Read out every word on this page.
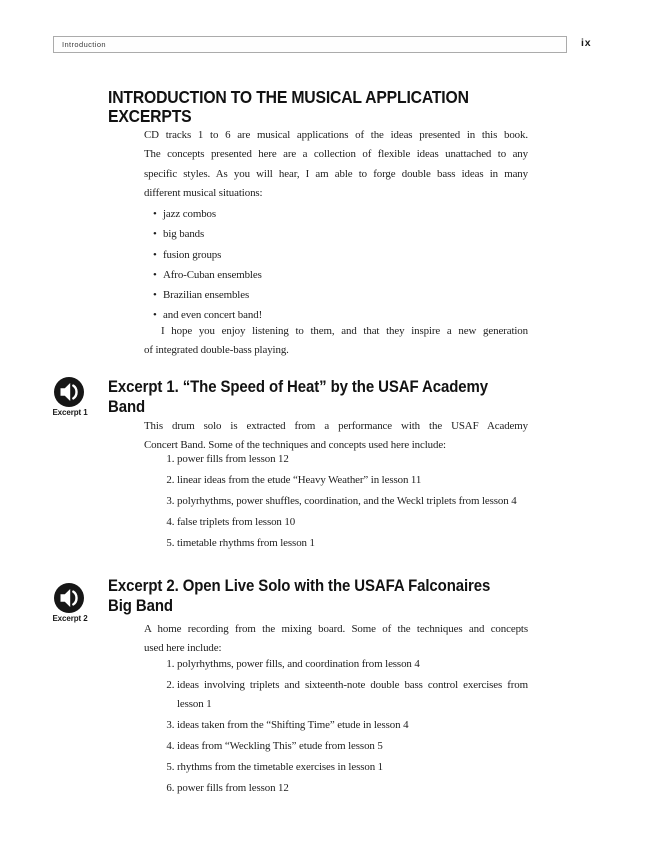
Introduction	ix
INTRODUCTION TO THE MUSICAL APPLICATION
EXCERPTS
CD tracks 1 to 6 are musical applications of the ideas presented in this book.
The concepts presented here are a collection of flexible ideas unattached to any
specific styles. As you will hear, I am able to forge double bass ideas in many
different musical situations:
• jazz combos
• big bands
• fusion groups
• Afro-Cuban ensembles
• Brazilian ensembles
• and even concert band!
I hope you enjoy listening to them, and that they inspire a new generation
of integrated double-bass playing.
Excerpt 1
Excerpt 1. “The Speed of Heat” by the USAF Academy
Band
This drum solo is extracted from a performance with the USAF Academy
Concert Band. Some of the techniques and concepts used here include:
1. power fills from lesson 12
2. linear ideas from the etude “Heavy Weather” in lesson 11
3. polyrhythms, power shuffles, coordination, and the Weckl triplets from lesson 4
4. false triplets from lesson 10
5. timetable rhythms from lesson 1
Excerpt 2
Excerpt 2. Open Live Solo with the USAFA Falconaires
Big Band
A home recording from the mixing board. Some of the techniques and concepts
used here include:
1. polyrhythms, power fills, and coordination from lesson 4
2. ideas involving triplets and sixteenth-note double bass control exercises from lesson 1
3. ideas taken from the “Shifting Time” etude in lesson 4
4. ideas from “Weckling This” etude from lesson 5
5. rhythms from the timetable exercises in lesson 1
6. power fills from lesson 12
